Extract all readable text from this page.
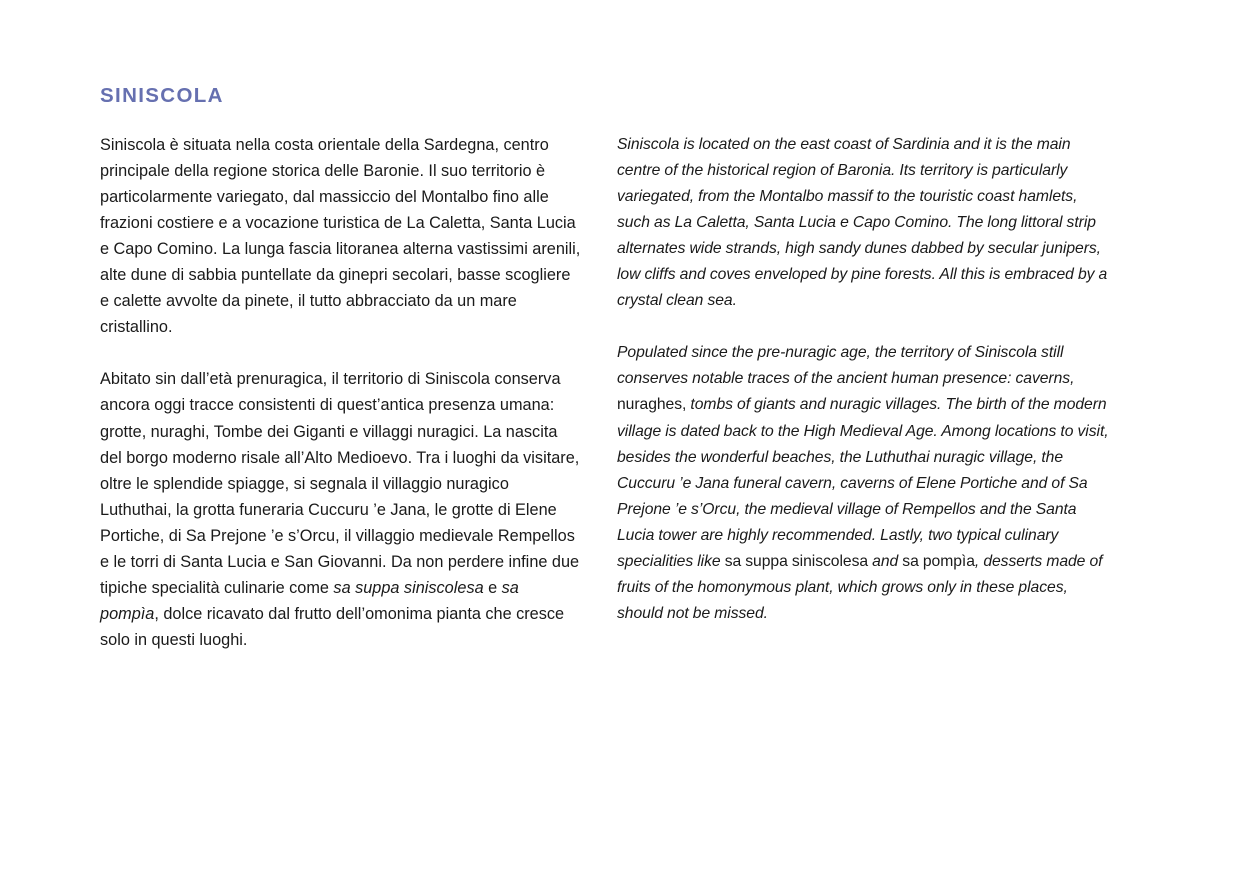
SINISCOLA

Siniscola è situata nella costa orientale della Sardegna, centro principale della regione storica delle Baronie. Il suo territorio è particolarmente variegato, dal massiccio del Montalbo fino alle frazioni costiere e a vocazione turistica de La Caletta, Santa Lucia e Capo Comino. La lunga fascia litoranea alterna vastissimi arenili, alte dune di sabbia puntellate da ginepri secolari, basse scogliere e calette avvolte da pinete, il tutto abbracciato da un mare cristallino.

Abitato sin dall’età prenuragica, il territorio di Siniscola conserva ancora oggi tracce consistenti di quest’antica presenza umana: grotte, nuraghi, Tombe dei Giganti e villaggi nuragici. La nascita del borgo moderno risale all’Alto Medioevo. Tra i luoghi da visitare, oltre le splendide spiagge, si segnala il villaggio nuragico Luthuthai, la grotta funeraria Cuccuru ’e Jana, le grotte di Elene Portiche, di Sa Prejone ’e s’Orcu, il villaggio medievale Rempellos e le torri di Santa Lucia e San Giovanni. Da non perdere infine due tipiche specialità culinarie come sa suppa siniscolesa e sa pompìa, dolce ricavato dal frutto dell’omonima pianta che cresce solo in questi luoghi.

Siniscola is located on the east coast of Sardinia and it is the main centre of the historical region of Baronia. Its territory is particularly variegated, from the Montalbo massif to the touristic coast hamlets, such as La Caletta, Santa Lucia e Capo Comino. The long littoral strip alternates wide strands, high sandy dunes dabbed by secular junipers, low cliffs and coves enveloped by pine forests. All this is embraced by a crystal clean sea.

Populated since the pre-nuragic age, the territory of Siniscola still conserves notable traces of the ancient human presence: caverns, nuraghes, tombs of giants and nuragic villages. The birth of the modern village is dated back to the High Medieval Age. Among locations to visit, besides the wonderful beaches, the Luthuthai nuragic village, the Cuccuru ’e Jana funeral cavern, caverns of Elene Portiche and of Sa Prejone ’e s’Orcu, the medieval village of Rempellos and the Santa Lucia tower are highly recommended. Lastly, two typical culinary specialities like sa suppa siniscolesa and sa pompìa, desserts made of fruits of the homonymous plant, which grows only in these places, should not be missed.
